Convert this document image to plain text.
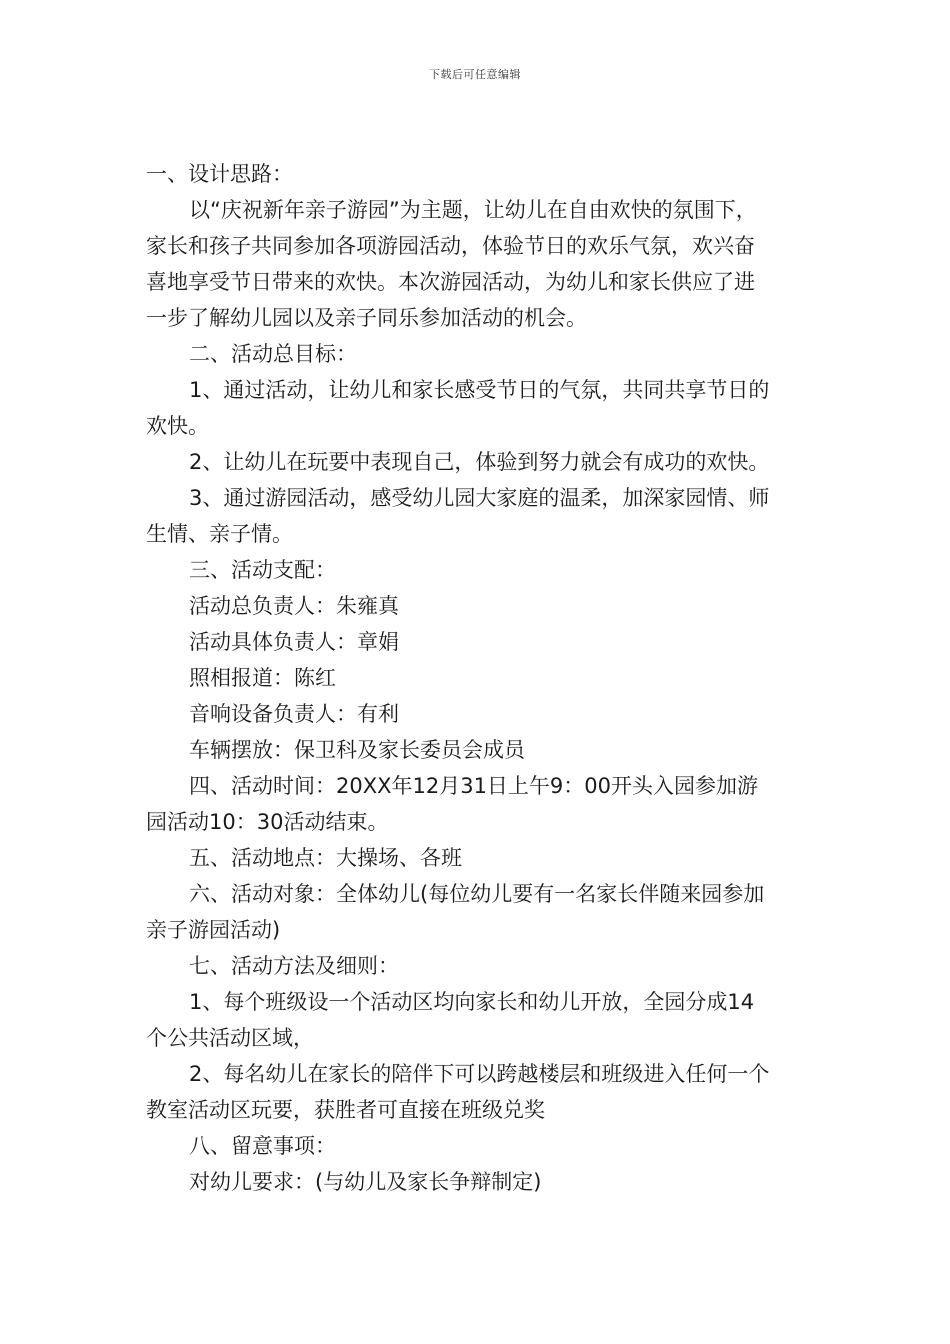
下载后可任意编辑
一、设计思路：
以“庆祝新年亲子游园”为主题，让幼儿在自由欢快的氛围下，
家长和孩子共同参加各项游园活动，体验节日的欢乐气氛，欢兴奋
喜地享受节日带来的欢快。本次游园活动，为幼儿和家长供应了进
一步了解幼儿园以及亲子同乐参加活动的机会。
二、活动总目标：
1、通过活动，让幼儿和家长感受节日的气氛，共同共享节日的
欢快。
2、让幼儿在玩要中表现自己，体验到努力就会有成功的欢快。
3、通过游园活动，感受幼儿园大家庭的温柔，加深家园情、师
生情、亲子情。
三、活动支配：
活动总负责人：朱雍真
活动具体负责人：章娟
照相报道：陈红
音响设备负责人：有利
车辆摆放：保卫科及家长委员会成员
四、活动时间：20XX年12月31日上午9：00开头入园参加游
园活动10：30活动结束。
五、活动地点：大操场、各班
六、活动对象：全体幼儿(每位幼儿要有一名家长伴随来园参加
亲子游园活动)
七、活动方法及细则：
1、每个班级设一个活动区均向家长和幼儿开放，全园分成14
个公共活动区域，
2、每名幼儿在家长的陪伴下可以跨越楼层和班级进入任何一个
教室活动区玩要，获胜者可直接在班级兑奖
八、留意事项：
对幼儿要求：(与幼儿及家长争辩制定)
